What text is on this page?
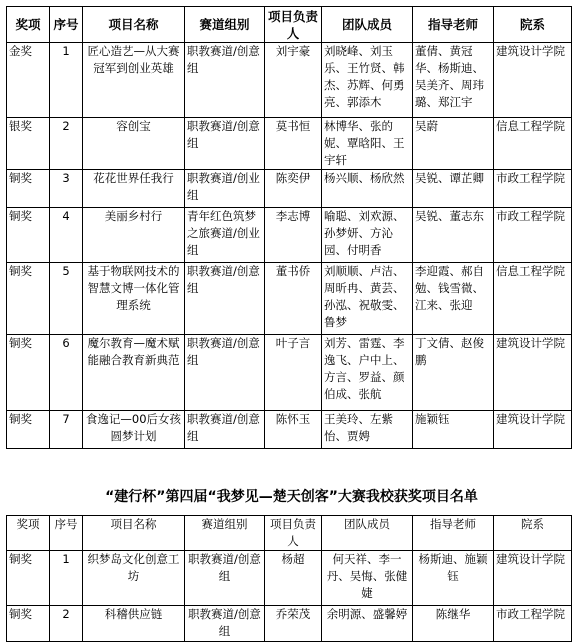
奖项	序号	项目名称	赛道组别	项目负责人	团队成员	指导老师	院系
金奖	1	匠心造艺—从大赛冠军到创业英雄	职教赛道/创意组	刘宇豪	刘晓峰、刘玉乐、王竹贤、韩杰、苏辉、何勇亮、郭添木	董倩、黄冠华、杨斯迪、吴美齐、周玮璐、郑江宇	建筑设计学院
银奖	2	容创宝	职教赛道/创意组	莫书恒	林博华、张的妮、覃晗阳、王宇轩	吴蔚	信息工程学院
铜奖	3	花花世界任我行	职教赛道/创业组	陈奕伊	杨兴顺、杨欣然	吴锐、谭芷卿	市政工程学院
铜奖	4	美丽乡村行	青年红色筑梦之旅赛道/创业组	李志博	喻聪、刘欢源、孙梦妍、方沁园、付明香	吴锐、董志东	市政工程学院
铜奖	5	基于物联网技术的智慧文博一体化管理系统	职教赛道/创意组	董书侨	刘顺顺、卢洁、周昕冉、黄芸、孙泓、祝敬雯、鲁梦	李迎霞、郝自勉、钱雪微、江来、张迎	信息工程学院
铜奖	6	魔尔教育—魔术赋能融合教育新典范	职教赛道/创意组	叶子言	刘芳、雷霆、李逸飞、户中上、方言、罗益、颜伯成、张航	丁文倩、赵俊鹏	建筑设计学院
铜奖	7	食逸记—00后女孩圆梦计划	职教赛道/创意组	陈怀玉	王美玲、左紫怡、贾娉	施颖钰	建筑设计学院
“建行杯”第四届“我梦见—楚天创客”大赛我校获奖项目名单
奖项	序号	项目名称	赛道组别	项目负责人	团队成员	指导老师	院系
铜奖	1	织梦岛文化创意工坊	职教赛道/创意组	杨超	何天祥、李一丹、吴悔、张健婕	杨斯迪、施颖钰	建筑设计学院
铜奖	2	科稽供应链	职教赛道/创意组	乔荣茂	余明源、盛馨婷	陈继华	市政工程学院
